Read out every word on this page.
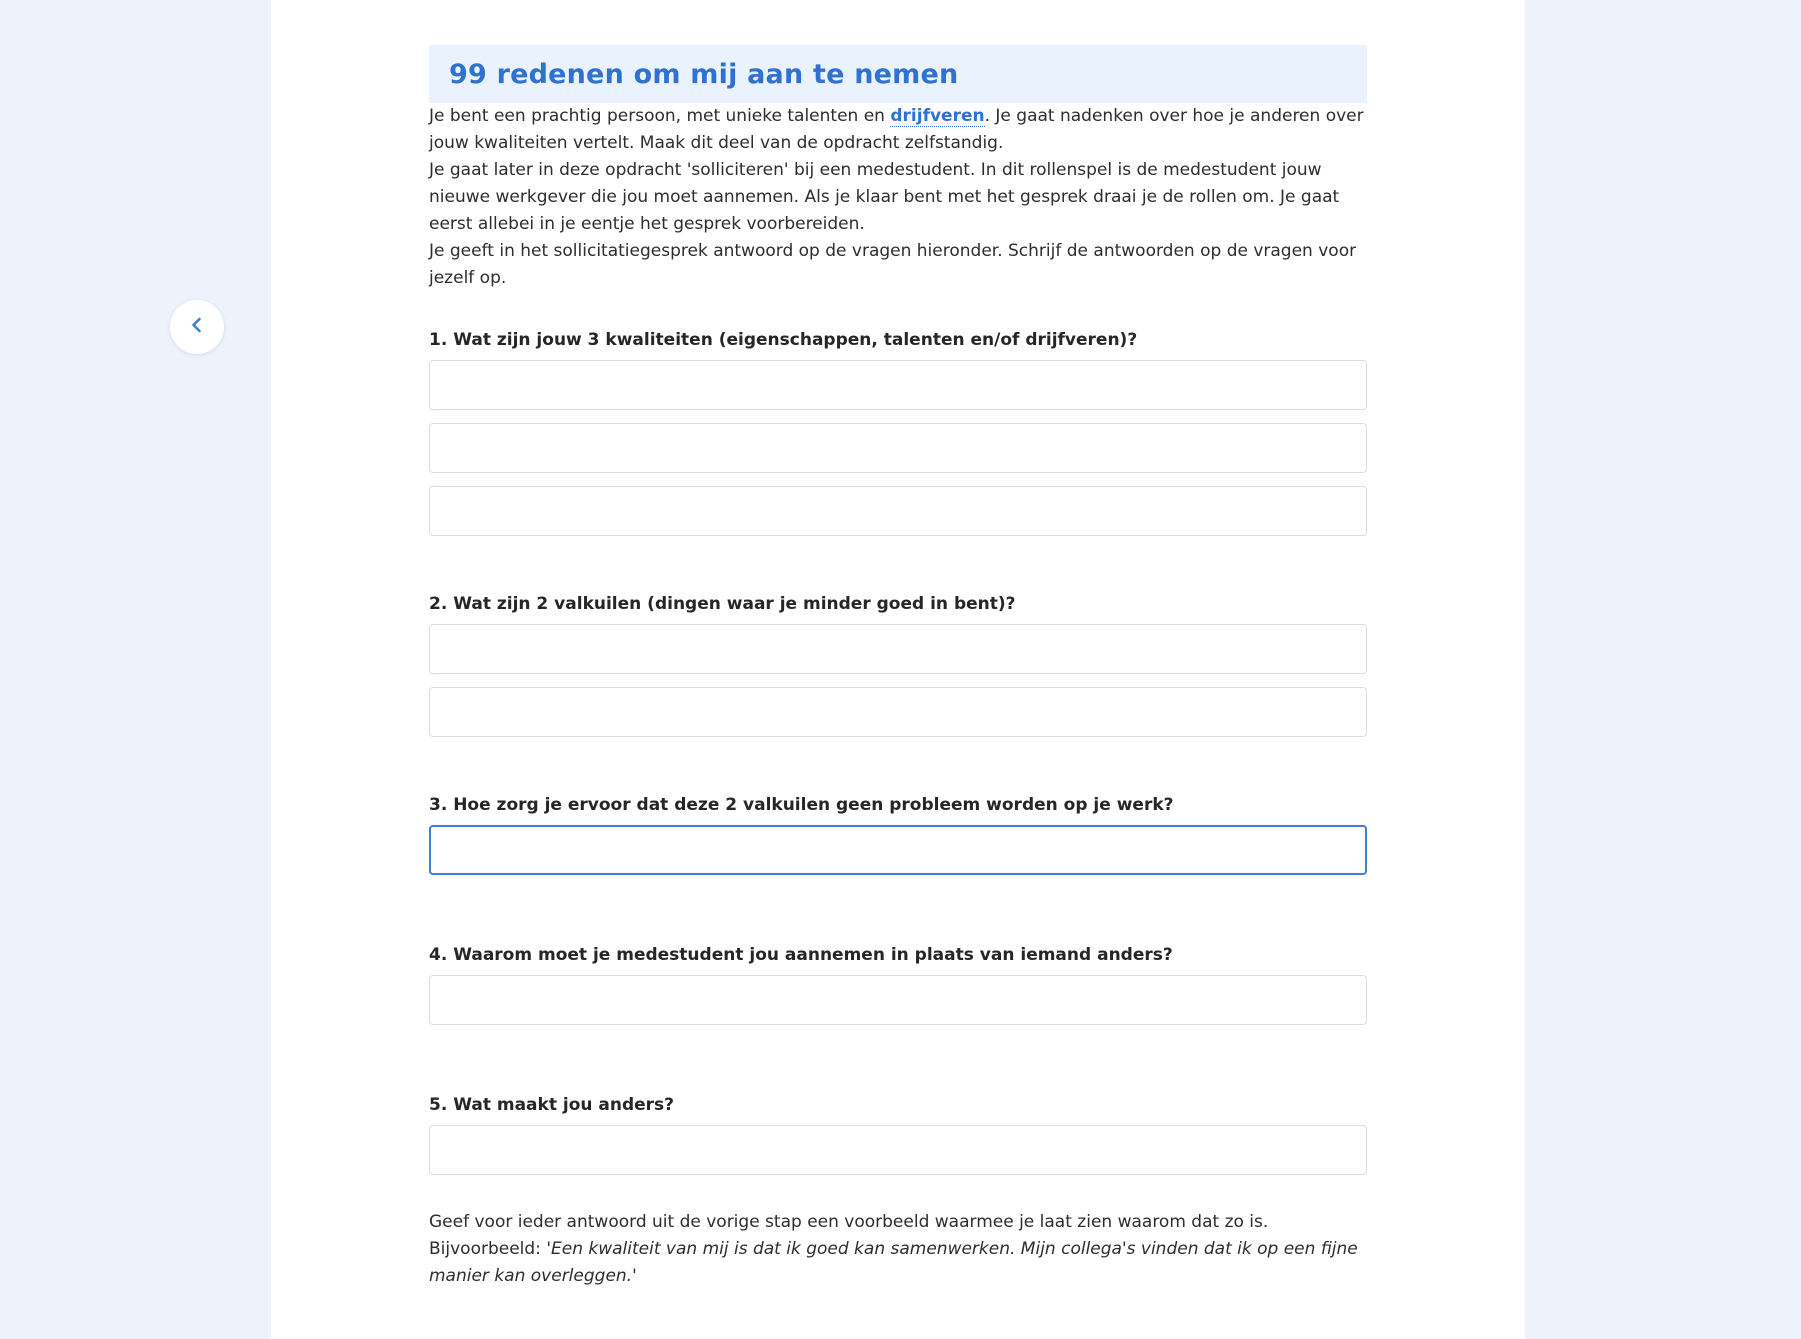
99 redenen om mij aan te nemen

Je bent een prachtig persoon, met unieke talenten en drijfveren. Je gaat nadenken over hoe je anderen over jouw kwaliteiten vertelt. Maak dit deel van de opdracht zelfstandig.

Je gaat later in deze opdracht 'solliciteren' bij een medestudent. In dit rollenspel is de medestudent jouw nieuwe werkgever die jou moet aannemen. Als je klaar bent met het gesprek draai je de rollen om. Je gaat eerst allebei in je eentje het gesprek voorbereiden.

Je geeft in het sollicitatiegesprek antwoord op de vragen hieronder. Schrijf de antwoorden op de vragen voor jezelf op.

1. Wat zijn jouw 3 kwaliteiten (eigenschappen, talenten en/of drijfveren)?

2. Wat zijn 2 valkuilen (dingen waar je minder goed in bent)?

3. Hoe zorg je ervoor dat deze 2 valkuilen geen probleem worden op je werk?

4. Waarom moet je medestudent jou aannemen in plaats van iemand anders?

5. Wat maakt jou anders?

Geef voor ieder antwoord uit de vorige stap een voorbeeld waarmee je laat zien waarom dat zo is.
Bijvoorbeeld: 'Een kwaliteit van mij is dat ik goed kan samenwerken. Mijn collega's vinden dat ik op een fijne manier kan overleggen.'
